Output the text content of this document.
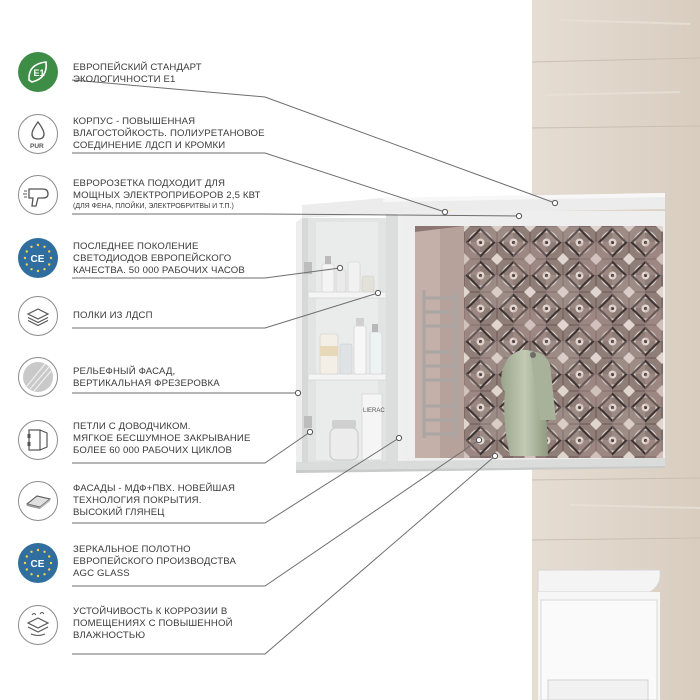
LIERAC
E1	ЕВРОПЕЙСКИЙ СТАНДАРТ
ЭКОЛОГИЧНОСТИ E1
PUR
КОРПУС - ПОВЫШЕННАЯ
ВЛАГОСТОЙКОСТЬ. ПОЛИУРЕТАНОВОЕ
СОЕДИНЕНИЕ ЛДСП И КРОМКИ
ЕВРОРОЗЕТКА ПОДХОДИТ ДЛЯ
МОЩНЫХ ЭЛЕКТРОПРИБОРОВ 2,5 КВТ
(ДЛЯ ФЕНА, ПЛОЙКИ, ЭЛЕКТРОБРИТВЫ И Т.П.)
CE
ПОСЛЕДНЕЕ ПОКОЛЕНИЕ
СВЕТОДИОДОВ ЕВРОПЕЙСКОГО
КАЧЕСТВА. 50 000 РАБОЧИХ ЧАСОВ
ПОЛКИ ИЗ ЛДСП
РЕЛЬЕФНЫЙ ФАСАД,
ВЕРТИКАЛЬНАЯ ФРЕЗЕРОВКА
ПЕТЛИ С ДОВОДЧИКОМ.
МЯГКОЕ БЕСШУМНОЕ ЗАКРЫВАНИЕ
БОЛЕЕ 60 000 РАБОЧИХ ЦИКЛОВ
ФАСАДЫ - МДФ+ПВХ. НОВЕЙШАЯ
ТЕХНОЛОГИЯ ПОКРЫТИЯ.
ВЫСОКИЙ ГЛЯНЕЦ
CE
ЗЕРКАЛЬНОЕ ПОЛОТНО
ЕВРОПЕЙСКОГО ПРОИЗВОДСТВА
AGC GLASS
УСТОЙЧИВОСТЬ К КОРРОЗИИ В
ПОМЕЩЕНИЯХ С ПОВЫШЕННОЙ
ВЛАЖНОСТЬЮ
